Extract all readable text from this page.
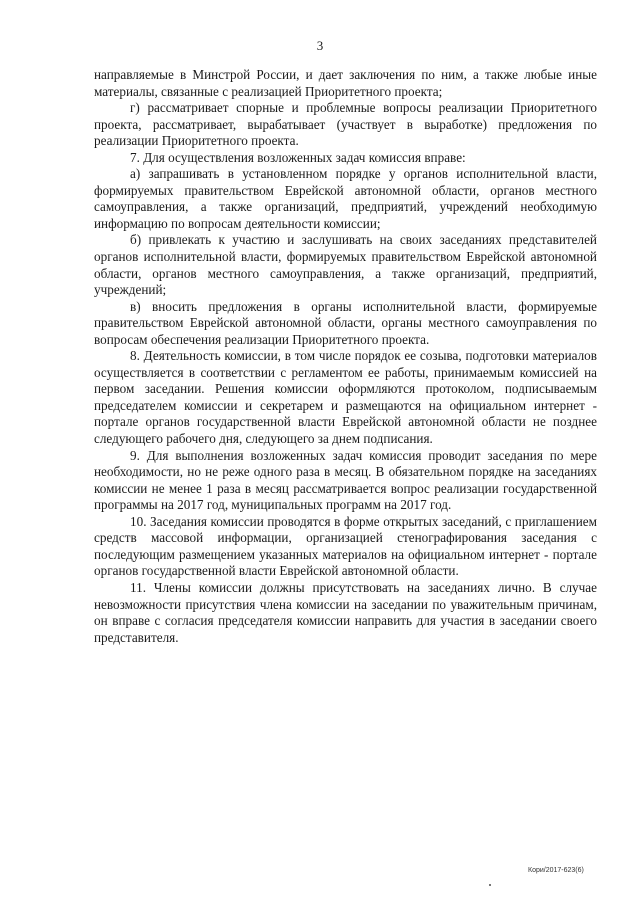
3

направляемые в Минстрой России, и дает заключения по ним, а также любые иные материалы, связанные с реализацией Приоритетного проекта;

г) рассматривает спорные и проблемные вопросы реализации Приоритетного проекта, рассматривает, вырабатывает (участвует в выработке) предложения по реализации Приоритетного проекта.

7. Для осуществления возложенных задач комиссия вправе:

а) запрашивать в установленном порядке у органов исполнительной власти, формируемых правительством Еврейской автономной области, органов местного самоуправления, а также организаций, предприятий, учреждений необходимую информацию по вопросам деятельности комиссии;

б) привлекать к участию и заслушивать на своих заседаниях представителей органов исполнительной власти, формируемых правительством Еврейской автономной области, органов местного самоуправления, а также организаций, предприятий, учреждений;

в) вносить предложения в органы исполнительной власти, формируемые правительством Еврейской автономной области, органы местного самоуправления по вопросам обеспечения реализации Приоритетного проекта.

8. Деятельность комиссии, в том числе порядок ее созыва, подготовки материалов осуществляется в соответствии с регламентом ее работы, принимаемым комиссией на первом заседании. Решения комиссии оформляются протоколом, подписываемым председателем комиссии и секретарем и размещаются на официальном интернет - портале органов государственной власти Еврейской автономной области не позднее следующего рабочего дня, следующего за днем подписания.

9. Для выполнения возложенных задач комиссия проводит заседания по мере необходимости, но не реже одного раза в месяц. В обязательном порядке на заседаниях комиссии не менее 1 раза в месяц рассматривается вопрос реализации государственной программы на 2017 год, муниципальных программ на 2017 год.

10. Заседания комиссии проводятся в форме открытых заседаний, с приглашением средств массовой информации, организацией стенографирования заседания с последующим размещением указанных материалов на официальном интернет - портале органов государственной власти Еврейской автономной области.

11. Члены комиссии должны присутствовать на заседаниях лично. В случае невозможности присутствия члена комиссии на заседании по уважительным причинам, он вправе с согласия председателя комиссии направить для участия в заседании своего представителя.

Кори/2017-623(6)
